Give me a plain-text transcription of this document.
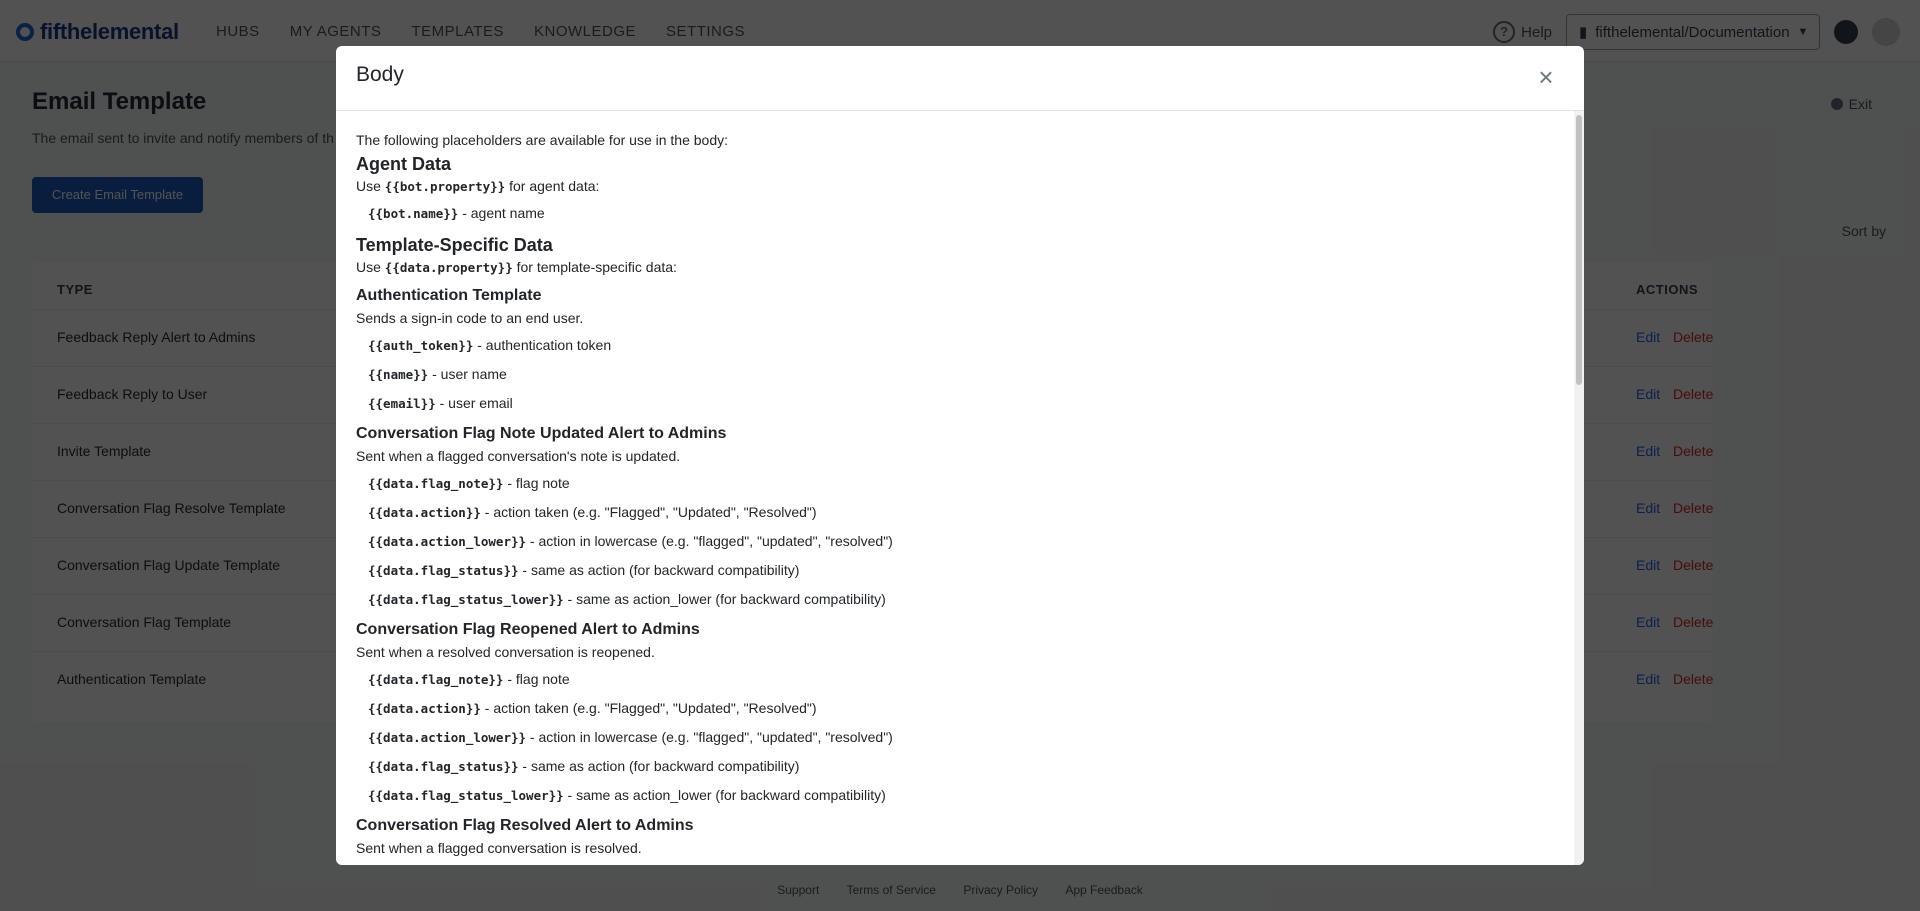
Body	×
The following placeholders are available for use in the body:
Agent Data
Use {{bot.property}} for agent data:
{{bot.name}} - agent name
Template-Specific Data
Use {{data.property}} for template-specific data:
Authentication Template
Sends a sign-in code to an end user.
{{auth_token}} - authentication token
{{name}} - user name
{{email}} - user email
Conversation Flag Note Updated Alert to Admins
Sent when a flagged conversation's note is updated.
{{data.flag_note}} - flag note
{{data.action}} - action taken (e.g. "Flagged", "Updated", "Resolved")
{{data.action_lower}} - action in lowercase (e.g. "flagged", "updated", "resolved")
{{data.flag_status}} - same as action (for backward compatibility)
{{data.flag_status_lower}} - same as action_lower (for backward compatibility)
Conversation Flag Reopened Alert to Admins
Sent when a resolved conversation is reopened.
{{data.flag_note}} - flag note
{{data.action}} - action taken (e.g. "Flagged", "Updated", "Resolved")
{{data.action_lower}} - action in lowercase (e.g. "flagged", "updated", "resolved")
{{data.flag_status}} - same as action (for backward compatibility)
{{data.flag_status_lower}} - same as action_lower (for backward compatibility)
Conversation Flag Resolved Alert to Admins
Sent when a flagged conversation is resolved.
